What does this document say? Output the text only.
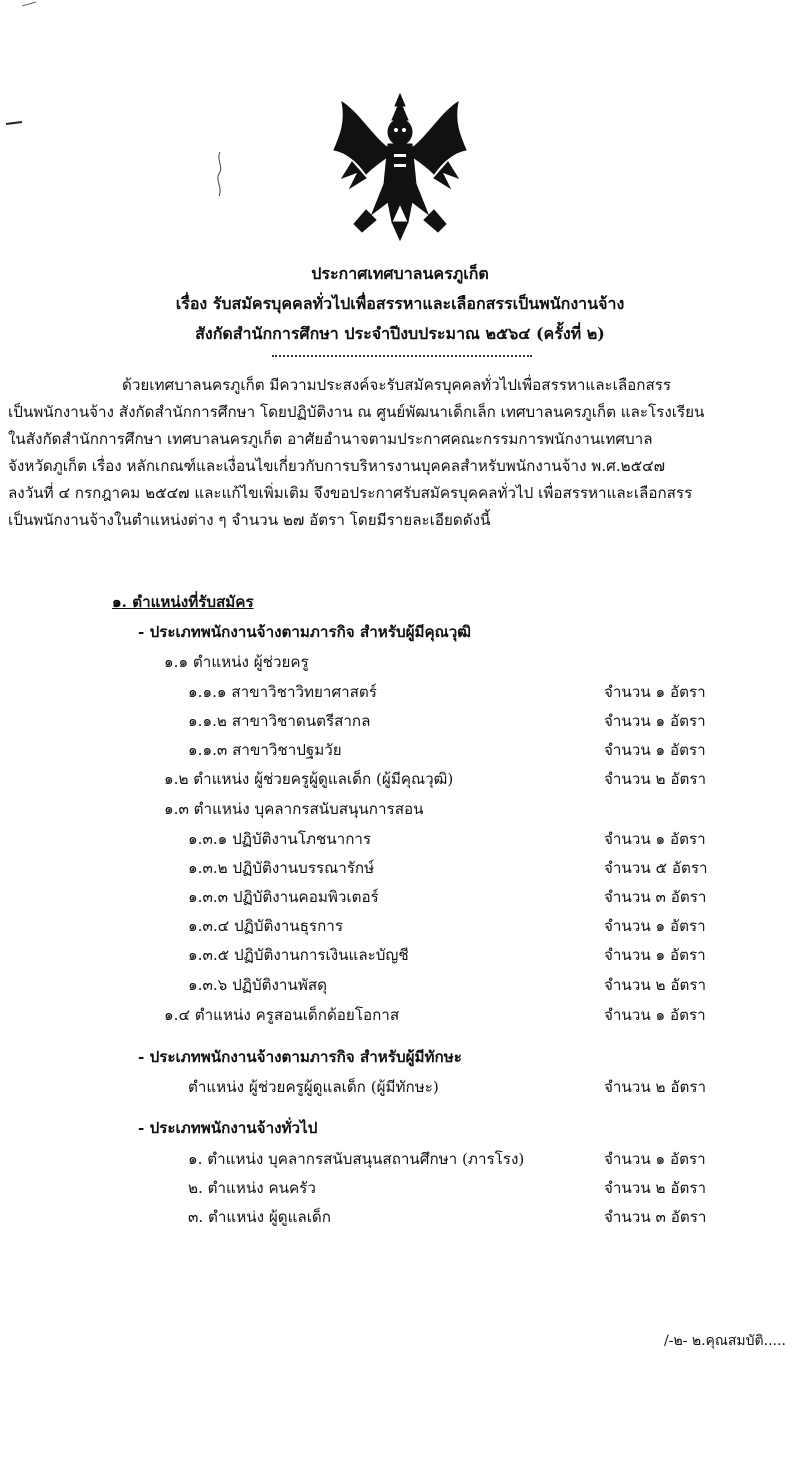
ประกาศเทศบาลนครภูเก็ต
เรื่อง รับสมัครบุคคลทั่วไปเพื่อสรรหาและเลือกสรรเป็นพนักงานจ้าง
สังกัดสำนักการศึกษา ประจำปีงบประมาณ ๒๕๖๔ (ครั้งที่ ๒)

ด้วยเทศบาลนครภูเก็ต มีความประสงค์จะรับสมัครบุคคลทั่วไปเพื่อสรรหาและเลือกสรร
เป็นพนักงานจ้าง สังกัดสำนักการศึกษา โดยปฏิบัติงาน ณ ศูนย์พัฒนาเด็กเล็ก เทศบาลนครภูเก็ต และโรงเรียน
ในสังกัดสำนักการศึกษา เทศบาลนครภูเก็ต อาศัยอำนาจตามประกาศคณะกรรมการพนักงานเทศบาล
จังหวัดภูเก็ต เรื่อง หลักเกณฑ์และเงื่อนไขเกี่ยวกับการบริหารงานบุคคลสำหรับพนักงานจ้าง พ.ศ.๒๕๔๗
ลงวันที่ ๔ กรกฎาคม ๒๕๔๗ และแก้ไขเพิ่มเติม จึงขอประกาศรับสมัครบุคคลทั่วไป เพื่อสรรหาและเลือกสรร
เป็นพนักงานจ้างในตำแหน่งต่าง ๆ จำนวน ๒๗ อัตรา โดยมีรายละเอียดดังนี้

๑. ตำแหน่งที่รับสมัคร
- ประเภทพนักงานจ้างตามภารกิจ สำหรับผู้มีคุณวุฒิ
๑.๑ ตำแหน่ง ผู้ช่วยครู
๑.๑.๑ สาขาวิชาวิทยาศาสตร์	จำนวน ๑ อัตรา
๑.๑.๒ สาขาวิชาดนตรีสากล	จำนวน ๑ อัตรา
๑.๑.๓ สาขาวิชาปฐมวัย	จำนวน ๑ อัตรา
๑.๒ ตำแหน่ง ผู้ช่วยครูผู้ดูแลเด็ก (ผู้มีคุณวุฒิ)	จำนวน ๒ อัตรา
๑.๓ ตำแหน่ง บุคลากรสนับสนุนการสอน
๑.๓.๑ ปฏิบัติงานโภชนาการ	จำนวน ๑ อัตรา
๑.๓.๒ ปฏิบัติงานบรรณารักษ์	จำนวน ๕ อัตรา
๑.๓.๓ ปฏิบัติงานคอมพิวเตอร์	จำนวน ๓ อัตรา
๑.๓.๔ ปฏิบัติงานธุรการ	จำนวน ๑ อัตรา
๑.๓.๕ ปฏิบัติงานการเงินและบัญชี	จำนวน ๑ อัตรา
๑.๓.๖ ปฏิบัติงานพัสดุ	จำนวน ๒ อัตรา
๑.๔ ตำแหน่ง ครูสอนเด็กด้อยโอกาส	จำนวน ๑ อัตรา
- ประเภทพนักงานจ้างตามภารกิจ สำหรับผู้มีทักษะ
ตำแหน่ง ผู้ช่วยครูผู้ดูแลเด็ก (ผู้มีทักษะ)	จำนวน ๒ อัตรา
- ประเภทพนักงานจ้างทั่วไป
๑. ตำแหน่ง บุคลากรสนับสนุนสถานศึกษา (ภารโรง)	จำนวน ๑ อัตรา
๒. ตำแหน่ง คนครัว	จำนวน ๒ อัตรา
๓. ตำแหน่ง ผู้ดูแลเด็ก	จำนวน ๓ อัตรา
/-๒- ๒.คุณสมบัติ.....
